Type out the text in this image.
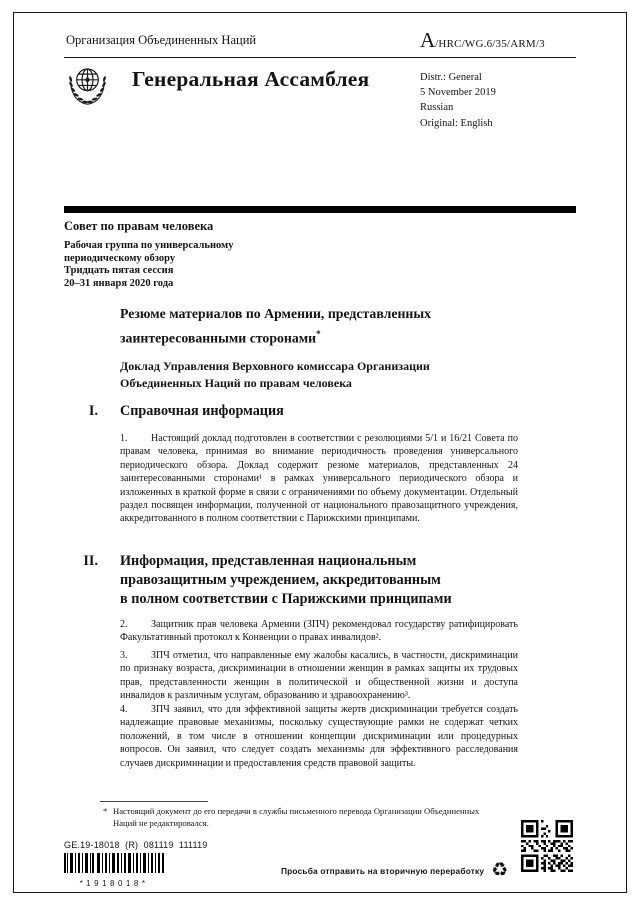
Организация Объединенных Наций	A /HRC/WG.6/35/ARM/3
Генеральная Ассамблея	Distr.: General
5 November 2019
Russian
Original: English
Совет по правам человека
Рабочая группа по универсальному
периодическому обзору
Тридцать пятая сессия
20–31 января 2020 года
Резюме материалов по Армении, представленных
заинтересованными сторонами*
Доклад Управления Верховного комиссара Организации
Объединенных Наций по правам человека
I. Справочная информация
1. Настоящий доклад подготовлен в соответствии с резолюциями 5/1 и 16/21 Совета по правам человека, принимая во внимание периодичность проведения универсального периодического обзора. Доклад содержит резюме материалов, представленных 24 заинтересованными сторонами¹ в рамках универсального периодического обзора и изложенных в краткой форме в связи с ограничениями по объему документации. Отдельный раздел посвящен информации, полученной от национального правозащитного учреждения, аккредитованного в полном соответствии с Парижскими принципами.
II. Информация, представленная национальным
правозащитным учреждением, аккредитованным
в полном соответствии с Парижскими принципами
2. Защитник прав человека Армении (ЗПЧ) рекомендовал государству ратифицировать Факультативный протокол к Конвенции о правах инвалидов².
3. ЗПЧ отметил, что направленные ему жалобы касались, в частности, дискриминации по признаку возраста, дискриминации в отношении женщин в рамках защиты их трудовых прав, представленности женщин в политической и общественной жизни и доступа инвалидов к различным услугам, образованию и здравоохранению³.
4. ЗПЧ заявил, что для эффективной защиты жертв дискриминации требуется создать надлежащие правовые механизмы, поскольку существующие рамки не содержат четких положений, в том числе в отношении концепции дискриминации или процедурных вопросов. Он заявил, что следует создать механизмы для эффективного расследования случаев дискриминации и предоставления средств правовой защиты.
* Настоящий документ до его передачи в службы письменного перевода Организации Объединенных Наций не редактировался.
GE.19-18018  (R)  081119  111119
*1918018*
Просьба отправить на вторичную переработку ♻
